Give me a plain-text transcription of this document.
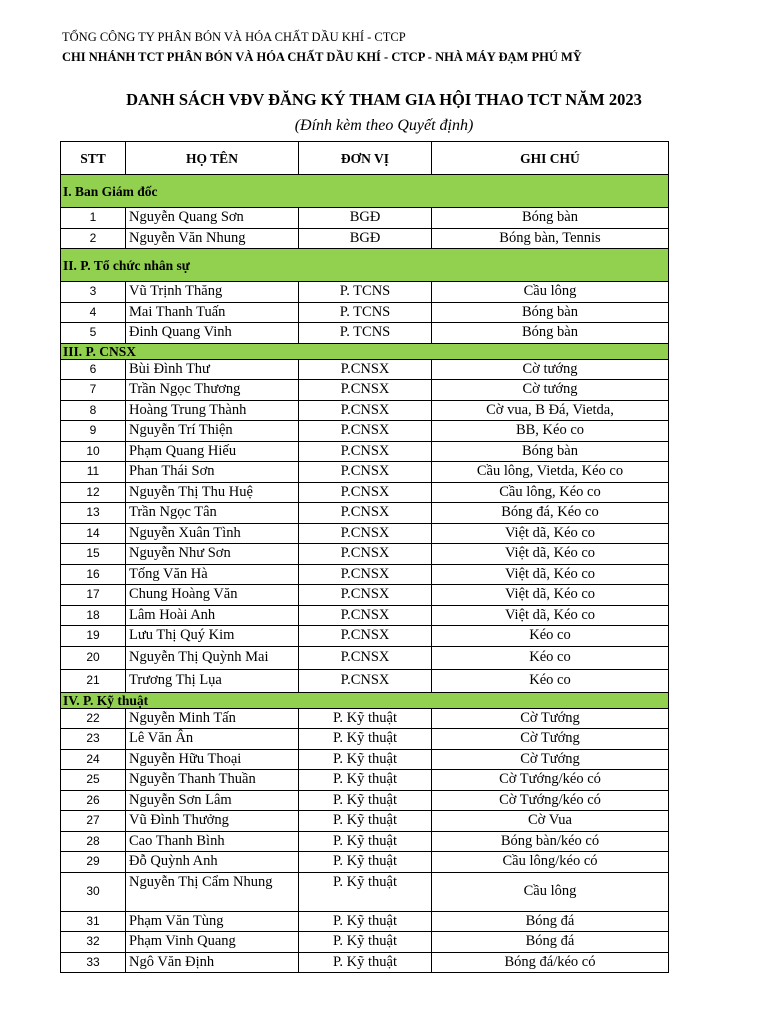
TỔNG CÔNG TY PHÂN BÓN VÀ HÓA CHẤT DẦU KHÍ - CTCP
CHI NHÁNH TCT PHÂN BÓN VÀ HÓA CHẤT DẦU KHÍ - CTCP - NHÀ MÁY ĐẠM PHÚ MỸ
DANH SÁCH VĐV ĐĂNG KÝ THAM GIA HỘI THAO TCT NĂM 2023
(Đính kèm theo Quyết định)
STT	HỌ TÊN	ĐƠN VỊ	GHI CHÚ
I. Ban Giám đốc			
1	Nguyễn Quang Sơn	BGĐ	Bóng bàn
2	Nguyễn Văn Nhung	BGĐ	Bóng bàn, Tennis
II. P. Tổ chức nhân sự			
3	Vũ Trịnh Thăng	P. TCNS	Cầu lông
4	Mai Thanh Tuấn	P. TCNS	Bóng bàn
5	Đinh Quang Vinh	P. TCNS	Bóng bàn
III. P. CNSX			
6	Bùi Đình Thư	P.CNSX	Cờ tướng
7	Trần Ngọc Thương	P.CNSX	Cờ tướng
8	Hoàng Trung Thành	P.CNSX	Cờ vua, B Đá, Vietda,
9	Nguyễn Trí Thiện	P.CNSX	BB, Kéo co
10	Phạm Quang Hiếu	P.CNSX	Bóng bàn
11	Phan Thái Sơn	P.CNSX	Cầu lông, Vietda, Kéo co
12	Nguyễn Thị Thu Huệ	P.CNSX	Cầu lông, Kéo co
13	Trần Ngọc Tân	P.CNSX	Bóng đá, Kéo co
14	Nguyễn Xuân Tình	P.CNSX	Việt dã, Kéo co
15	Nguyễn Như Sơn	P.CNSX	Việt dã, Kéo co
16	Tống Văn Hà	P.CNSX	Việt dã, Kéo co
17	Chung Hoàng Văn	P.CNSX	Việt dã, Kéo co
18	Lâm Hoài Anh	P.CNSX	Việt dã, Kéo co
19	Lưu Thị Quý Kim	P.CNSX	Kéo co
20	Nguyễn Thị Quỳnh Mai	P.CNSX	Kéo co
21	Trương Thị Lụa	P.CNSX	Kéo co
IV. P. Kỹ thuật			
22	Nguyễn Minh Tấn	P. Kỹ thuật	Cờ Tướng
23	Lê Văn Ân	P. Kỹ thuật	Cờ Tướng
24	Nguyễn Hữu Thoại	P. Kỹ thuật	Cờ Tướng
25	Nguyễn Thanh Thuần	P. Kỹ thuật	Cờ Tướng/kéo có
26	Nguyễn Sơn Lâm	P. Kỹ thuật	Cờ Tướng/kéo có
27	Vũ Đình Thưởng	P. Kỹ thuật	Cờ Vua
28	Cao Thanh Bình	P. Kỹ thuật	Bóng bàn/kéo có
29	Đỗ Quỳnh Anh	P. Kỹ thuật	Cầu lông/kéo có
30	Nguyễn Thị Cẩm Nhung	P. Kỹ thuật	Cầu lông
31	Phạm Văn Tùng	P. Kỹ thuật	Bóng đá
32	Phạm Vinh Quang	P. Kỹ thuật	Bóng đá
33	Ngô Văn Định	P. Kỹ thuật	Bóng đá/kéo có
